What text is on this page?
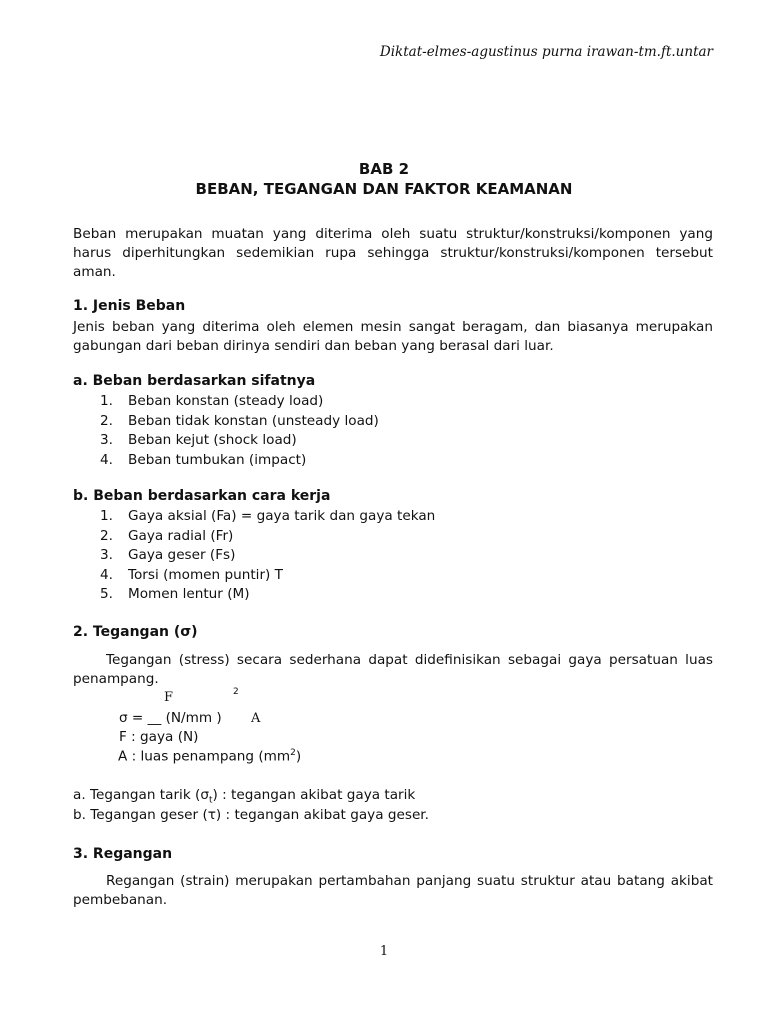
Diktat-elmes-agustinus purna irawan-tm.ft.untar
BAB 2
BEBAN, TEGANGAN DAN FAKTOR KEAMANAN
Beban merupakan muatan yang diterima oleh suatu struktur/konstruksi/komponen yang
harus diperhitungkan sedemikian rupa sehingga struktur/konstruksi/komponen tersebut
aman.
1. Jenis Beban
Jenis beban yang diterima oleh elemen mesin sangat beragam, dan biasanya merupakan
gabungan dari beban dirinya sendiri dan beban yang berasal dari luar.
a. Beban berdasarkan sifatnya
1. Beban konstan (steady load)
2. Beban tidak konstan (unsteady load)
3. Beban kejut (shock load)
4. Beban tumbukan (impact)
b. Beban berdasarkan cara kerja
1. Gaya aksial (Fa) = gaya tarik dan gaya tekan
2. Gaya radial (Fr)
3. Gaya geser (Fs)
4. Torsi (momen puntir) T
5. Momen lentur (M)
2. Tegangan (σ)
Tegangan (stress) secara sederhana dapat didefinisikan sebagai gaya persatuan luas
penampang.
F	2
σ = __ (N/mm ) A
F : gaya (N)
A : luas penampang $(mm^2)$
a. Tegangan tarik $(\sigma_t)$ : tegangan akibat gaya tarik
b. Tegangan geser (τ) : tegangan akibat gaya geser.
3. Regangan
Regangan (strain) merupakan pertambahan panjang suatu struktur atau batang akibat
pembebanan.
1
